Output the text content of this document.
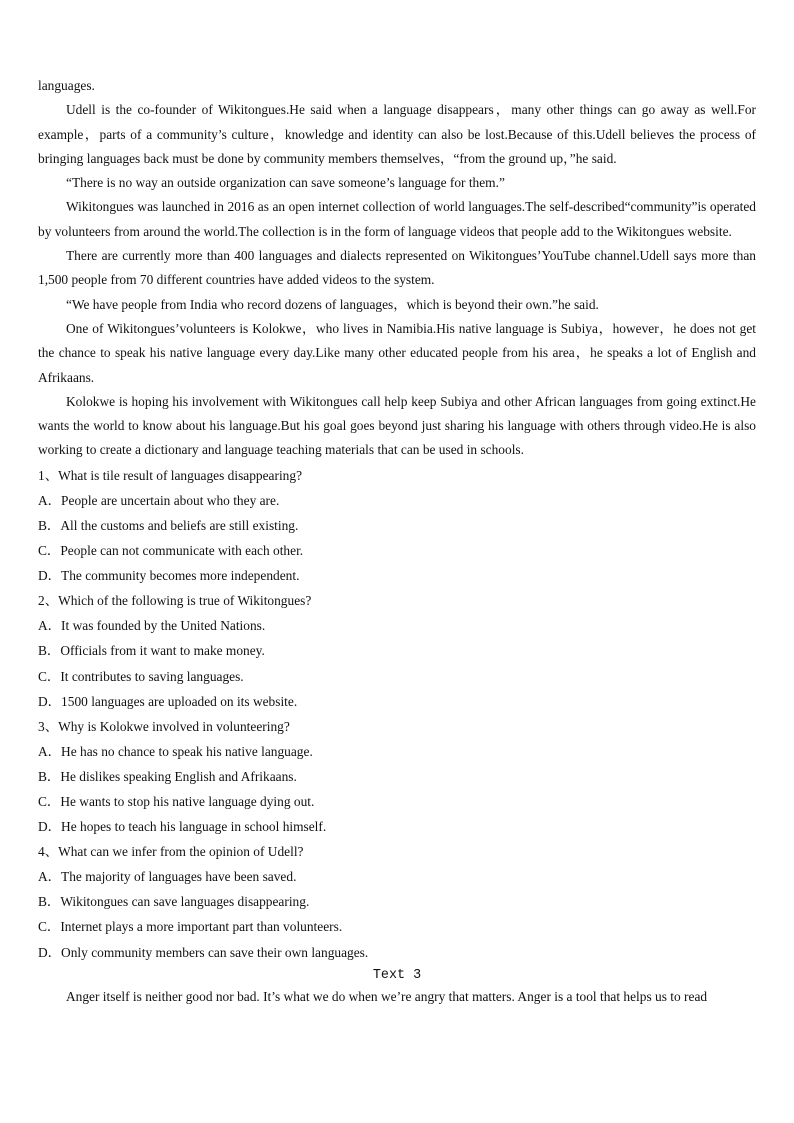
languages.

Udell is the co-founder of Wikitongues.He said when a language disappears，many other things can go away as well.For example，parts of a community’s culture，knowledge and identity can also be lost.Because of this.Udell believes the process of bringing languages back must be done by community members themselves，“from the ground up，”he said.

“There is no way an outside organization can save someone’s language for them.”

Wikitongues was launched in 2016 as an open internet collection of world languages.The self-described“community”is operated by volunteers from around the world.The collection is in the form of language videos that people add to the Wikitongues website.

There are currently more than 400 languages and dialects represented on Wikitongues’YouTube channel.Udell says more than 1,500 people from 70 different countries have added videos to the system.

“We have people from India who record dozens of languages，which is beyond their own.”he said.

One of Wikitongues’volunteers is Kolokwe，who lives in Namibia.His native language is Subiya，however，he does not get the chance to speak his native language every day.Like many other educated people from his area，he speaks a lot of English and Afrikaans.

Kolokwe is hoping his involvement with Wikitongues call help keep Subiya and other African languages from going extinct.He wants the world to know about his language.But his goal goes beyond just sharing his language with others through video.He is also working to create a dictionary and language teaching materials that can be used in schools.

1、What is tile result of languages disappearing?

A．People are uncertain about who they are.

B．All the customs and beliefs are still existing.

C．People can not communicate with each other.

D．The community becomes more independent.

2、Which of the following is true of Wikitongues?

A．It was founded by the United Nations.

B．Officials from it want to make money.

C．It contributes to saving languages.

D．1500 languages are uploaded on its website.

3、Why is Kolokwe involved in volunteering?

A．He has no chance to speak his native language.

B．He dislikes speaking English and Afrikaans.

C．He wants to stop his native language dying out.

D．He hopes to teach his language in school himself.

4、What can we infer from the opinion of Udell?

A．The majority of languages have been saved.

B．Wikitongues can save languages disappearing.

C．Internet plays a more important part than volunteers.

D．Only community members can save their own languages.

Text 3

Anger itself is neither good nor bad. It’s what we do when we’re angry that matters. Anger is a tool that helps us to read
